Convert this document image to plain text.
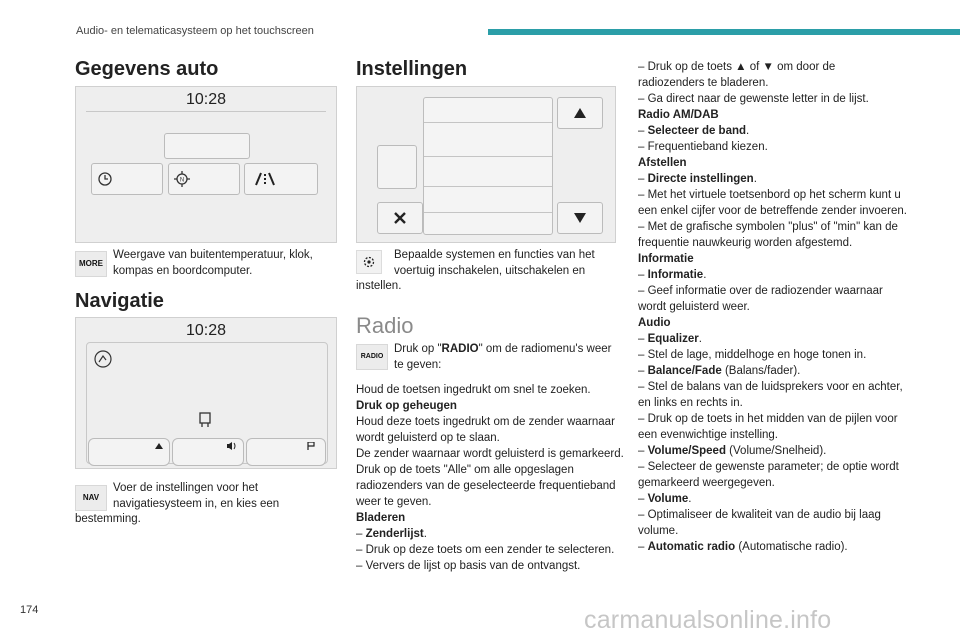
Audio- en telematicasysteem op het touchscreen
Gegevens auto
10:28
N
MORE
Weergave van buitentemperatuur, klok,
kompas en boordcomputer.
Navigatie
10:28
NAV
Voer de instellingen voor het
navigatiesysteem in, en kies een
bestemming.
Instellingen
Bepaalde systemen en functies van het
voertuig inschakelen, uitschakelen en
instellen.
Radio
RADIO
Druk op "RADIO" om de radiomenu's weer
te geven:

Houd de toetsen ingedrukt om snel te zoeken.

Druk op geheugen

Houd deze toets ingedrukt om de zender waarnaar

wordt geluisterd op te slaan.

De zender waarnaar wordt geluisterd is gemarkeerd.

Druk op de toets "Alle" om alle opgeslagen

radiozenders van de geselecteerde frequentieband

weer te geven.

Bladeren

– Zenderlijst.

– Druk op deze toets om een zender te selecteren.

– Ververs de lijst op basis van de ontvangst.

– Druk op de toets ▲ of ▼ om door de

radiozenders te bladeren.

– Ga direct naar de gewenste letter in de lijst.

Radio AM/DAB

– Selecteer de band.

– Frequentieband kiezen.

Afstellen

– Directe instellingen.

– Met het virtuele toetsenbord op het scherm kunt u

een enkel cijfer voor de betreffende zender invoeren.

– Met de grafische symbolen "plus" of "min" kan de

frequentie nauwkeurig worden afgestemd.

Informatie

– Informatie.

– Geef informatie over de radiozender waarnaar

wordt geluisterd weer.

Audio

– Equalizer.

– Stel de lage, middelhoge en hoge tonen in.

– Balance/Fade (Balans/fader).

– Stel de balans van de luidsprekers voor en achter,

en links en rechts in.

– Druk op de toets in het midden van de pijlen voor

een evenwichtige instelling.

– Volume/Speed (Volume/Snelheid).

– Selecteer de gewenste parameter; de optie wordt

gemarkeerd weergegeven.

– Volume.

– Optimaliseer de kwaliteit van de audio bij laag

volume.

– Automatic radio (Automatische radio).

174	carmanualsonline.info
